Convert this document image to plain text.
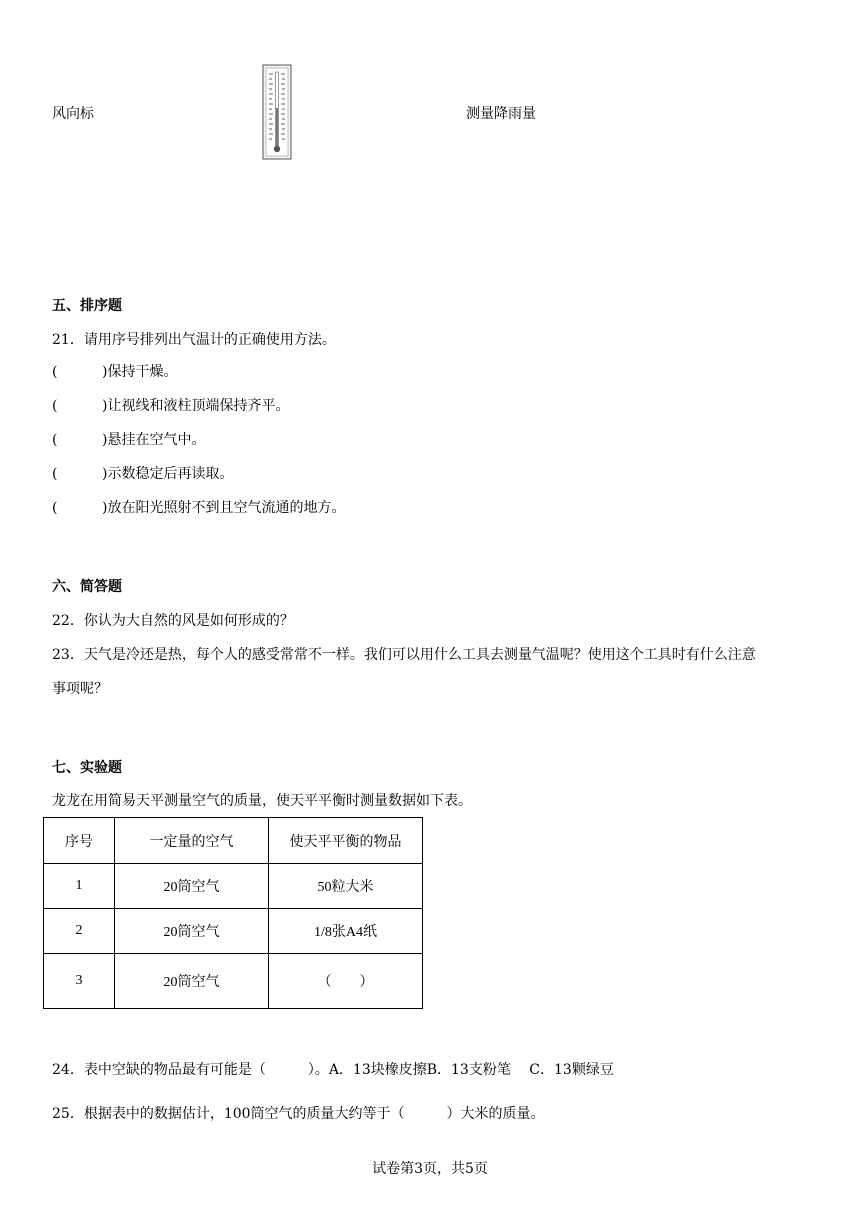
风向标	测量降雨量
五、排序题
21．请用序号排列出气温计的正确使用方法。
(	)保持干燥。
(	)让视线和液柱顶端保持齐平。
(	)悬挂在空气中。
(	)示数稳定后再读取。
(	)放在阳光照射不到且空气流通的地方。
六、简答题
22．你认为大自然的风是如何形成的？
23．天气是冷还是热，每个人的感受常常不一样。我们可以用什么工具去测量气温呢？使用这个工具时有什么注意
事项呢？
七、实验题
龙龙在用简易天平测量空气的质量，使天平平衡时测量数据如下表。
序号	一定量的空气	使天平平衡的物品
1	20筒空气	50粒大米
2	20筒空气	1/8张A4纸
3	20筒空气	（　　）
24．表中空缺的物品最有可能是（　　　）。A．13块橡皮擦B．13支粉笔　 C．13颗绿豆
25．根据表中的数据估计，100筒空气的质量大约等于（　　　）大米的质量。
试卷第3页，共5页
